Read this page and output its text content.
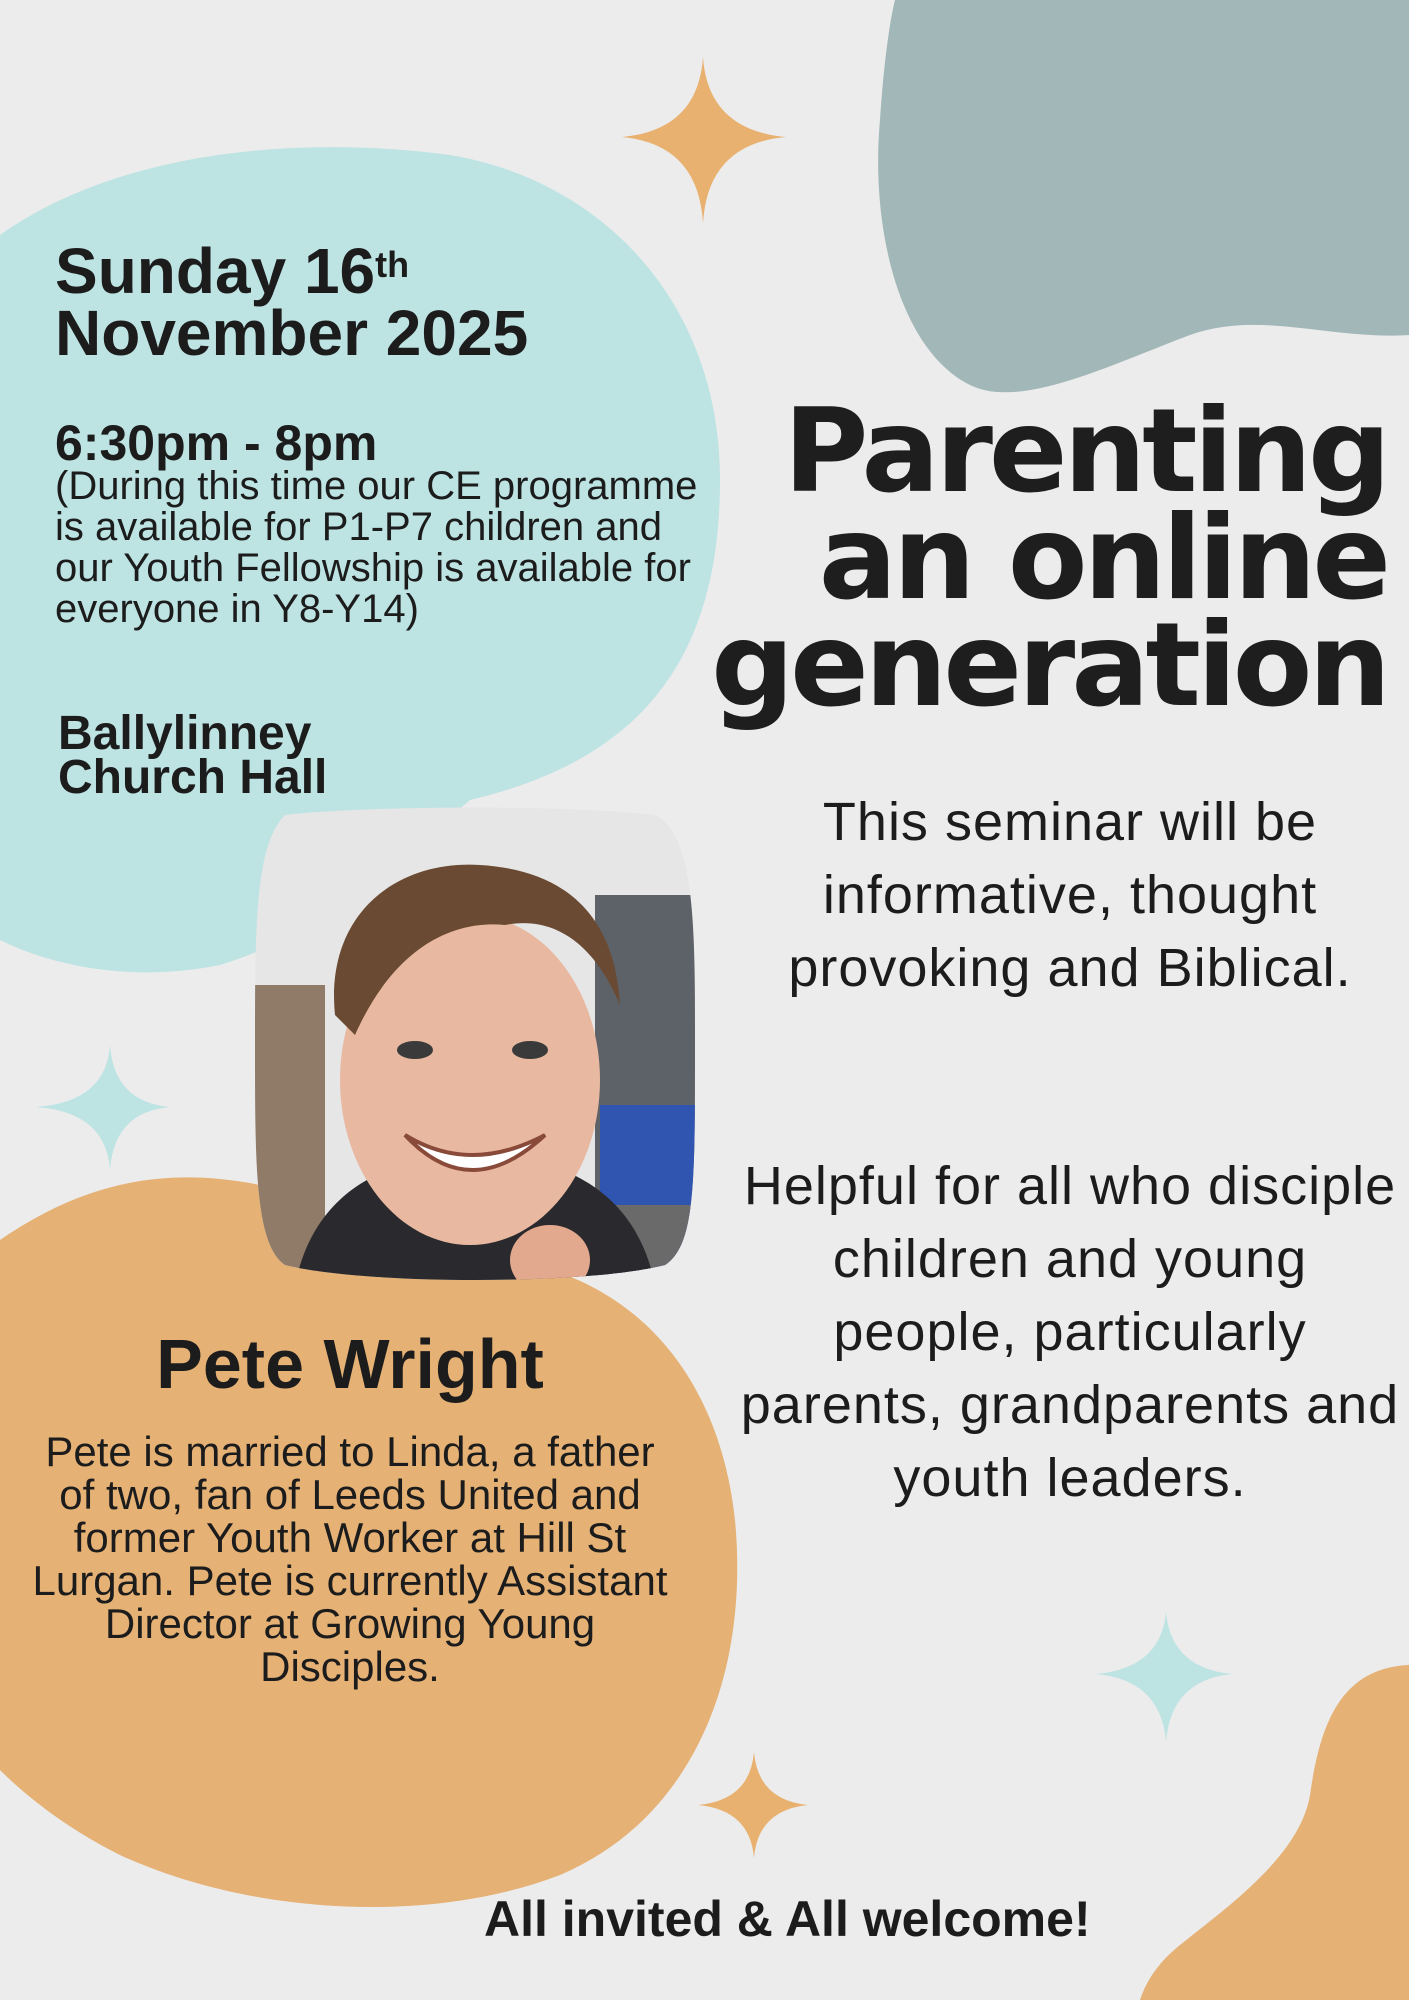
Sunday 16th
November 2025
6:30pm - 8pm
(During this time our CE programme is available for P1-P7 children and our Youth Fellowship is available for everyone in Y8-Y14)
Ballylinney
Church Hall
Parenting
an online
generation

This seminar will be informative, thought provoking and Biblical.

Helpful for all who disciple children and young people, particularly parents, grandparents and youth leaders.

Pete Wright

Pete is married to Linda, a father of two, fan of Leeds United and former Youth Worker at Hill St Lurgan. Pete is currently Assistant Director at Growing Young Disciples.

All invited & All welcome!
